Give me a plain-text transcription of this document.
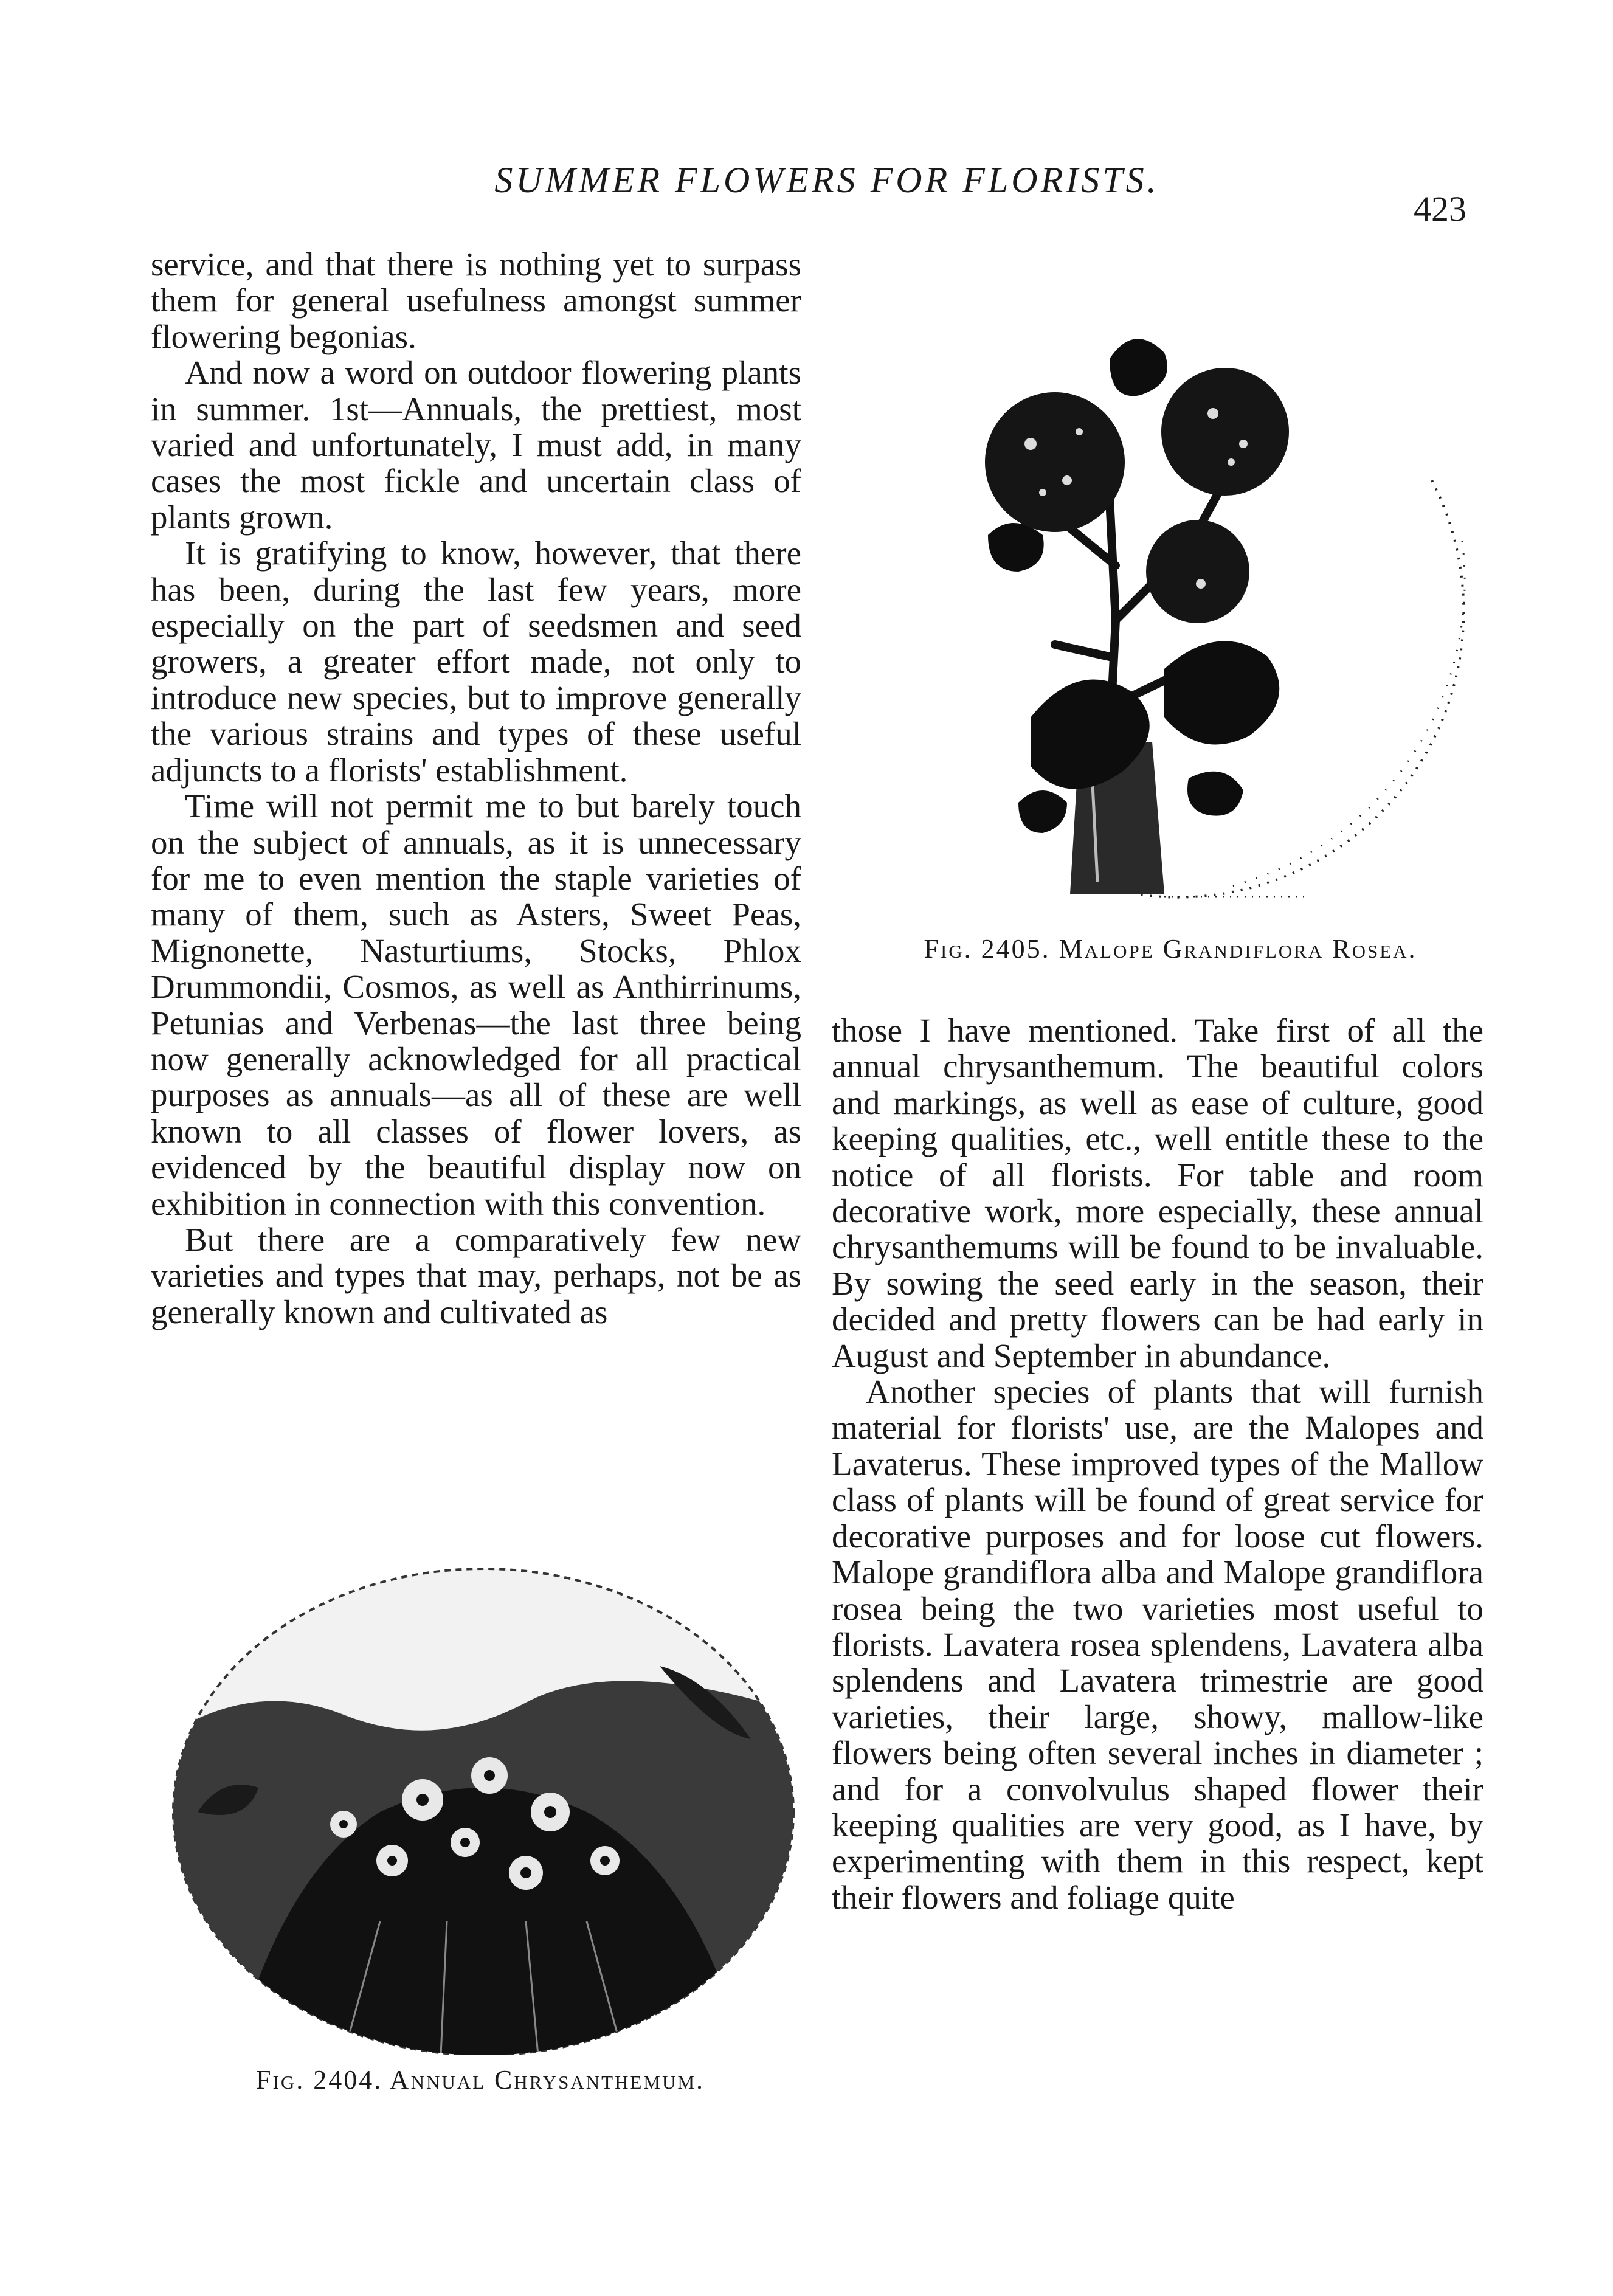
SUMMER FLOWERS FOR FLORISTS.
423

service, and that there is nothing yet to surpass them for general usefulness amongst summer flowering begonias.

And now a word on outdoor flowering plants in summer. 1st—Annuals, the prettiest, most varied and unfortunately, I must add, in many cases the most fickle and uncertain class of plants grown.

It is gratifying to know, however, that there has been, during the last few years, more especially on the part of seedsmen and seed growers, a greater effort made, not only to introduce new species, but to improve generally the various strains and types of these useful adjuncts to a florists' establishment.

Time will not permit me to but barely touch on the subject of annuals, as it is unnecessary for me to even mention the staple varieties of many of them, such as Asters, Sweet Peas, Mignonette, Nasturtiums, Stocks, Phlox Drummondii, Cosmos, as well as Anthirrinums, Petunias and Verbenas—the last three being now generally acknowledged for all practical purposes as annuals—as all of these are well known to all classes of flower lovers, as evidenced by the beautiful display now on exhibition in connection with this convention.

But there are a comparatively few new varieties and types that may, perhaps, not be as generally known and cultivated as

Fig. 2405. Malope Grandiflora Rosea.

those I have mentioned. Take first of all the annual chrysanthemum. The beautiful colors and markings, as well as ease of culture, good keeping qualities, etc., well entitle these to the notice of all florists. For table and room decorative work, more especially, these annual chrysanthemums will be found to be invaluable. By sowing the seed early in the season, their decided and pretty flowers can be had early in August and September in abundance.

Another species of plants that will furnish material for florists' use, are the Malopes and Lavaterus. These improved types of the Mallow class of plants will be found of great service for decorative purposes and for loose cut flowers. Malope grandiflora alba and Malope grandiflora rosea being the two varieties most useful to florists. Lavatera rosea splendens, Lavatera alba splendens and Lavatera trimestrie are good varieties, their large, showy, mallow-like flowers being often several inches in diameter ; and for a convolvulus shaped flower their keeping qualities are very good, as I have, by experimenting with them in this respect, kept their flowers and foliage quite

Fig. 2404. Annual Chrysanthemum.
